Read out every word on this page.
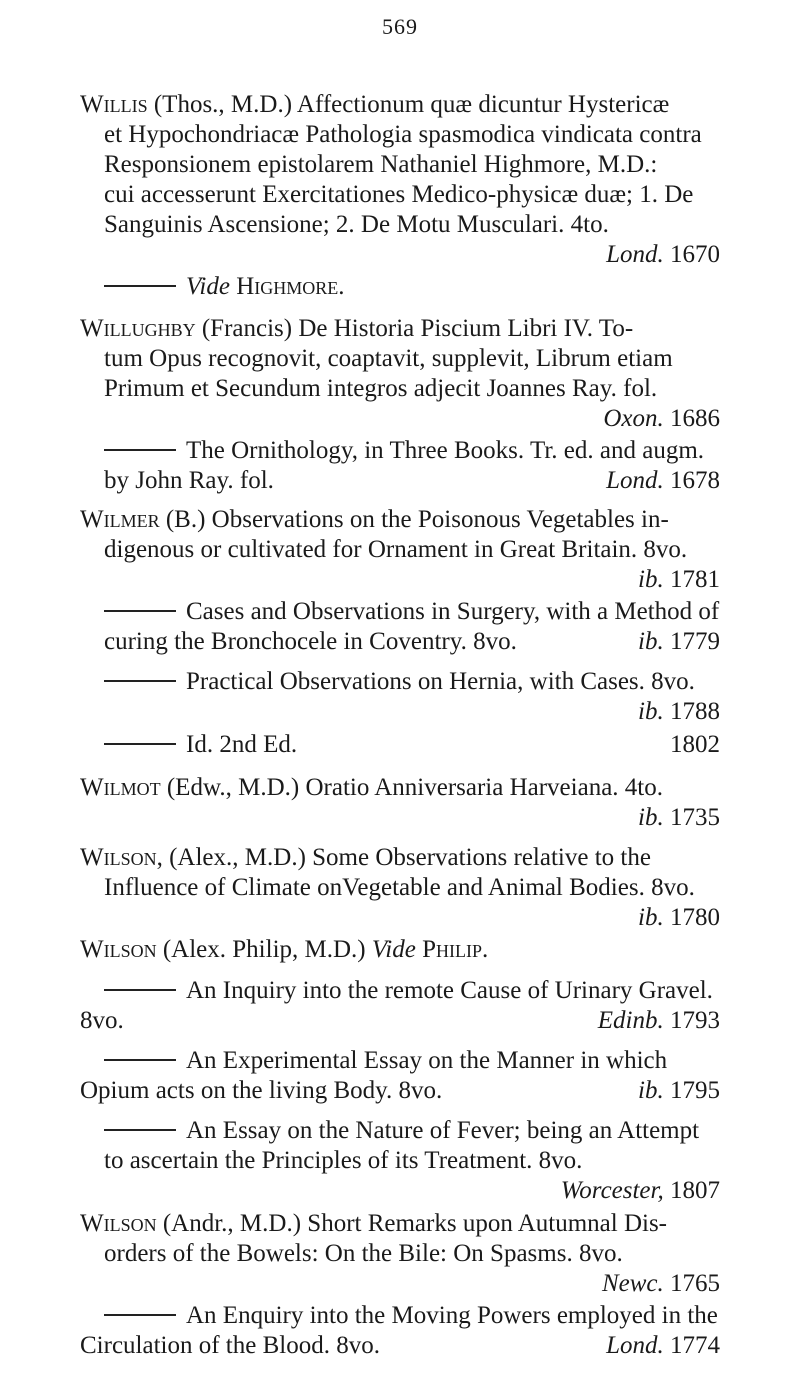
569
Willis (Thos., M.D.) Affectionum quæ dicuntur Hystericæ
et Hypochondriacæ Pathologia spasmodica vindicata contra
Responsionem epistolarem Nathaniel Highmore, M.D.:
cui accesserunt Exercitationes Medico-physicæ duæ; 1. De
Sanguinis Ascensione; 2. De Motu Musculari. 4to.
Lond. 1670
Vide Highmore.
Willughby (Francis) De Historia Piscium Libri IV. To-
tum Opus recognovit, coaptavit, supplevit, Librum etiam
Primum et Secundum integros adjecit Joannes Ray. fol.
Oxon. 1686
The Ornithology, in Three Books. Tr. ed. and augm.
by John Ray. fol.	Lond. 1678
Wilmer (B.) Observations on the Poisonous Vegetables in-
digenous or cultivated for Ornament in Great Britain. 8vo.
ib. 1781
Cases and Observations in Surgery, with a Method of
curing the Bronchocele in Coventry. 8vo.	ib. 1779
Practical Observations on Hernia, with Cases. 8vo.
ib. 1788
Id. 2nd Ed.	1802
Wilmot (Edw., M.D.) Oratio Anniversaria Harveiana. 4to.
ib. 1735
Wilson, (Alex., M.D.) Some Observations relative to the
Influence of Climate onVegetable and Animal Bodies. 8vo.
ib. 1780
Wilson (Alex. Philip, M.D.) Vide Philip.
An Inquiry into the remote Cause of Urinary Gravel.
8vo.	Edinb. 1793
An Experimental Essay on the Manner in which
Opium acts on the living Body. 8vo.	ib. 1795
An Essay on the Nature of Fever; being an Attempt
to ascertain the Principles of its Treatment. 8vo.
Worcester, 1807
Wilson (Andr., M.D.) Short Remarks upon Autumnal Dis-
orders of the Bowels: On the Bile: On Spasms. 8vo.
Newc. 1765
An Enquiry into the Moving Powers employed in the
Circulation of the Blood. 8vo.	Lond. 1774
